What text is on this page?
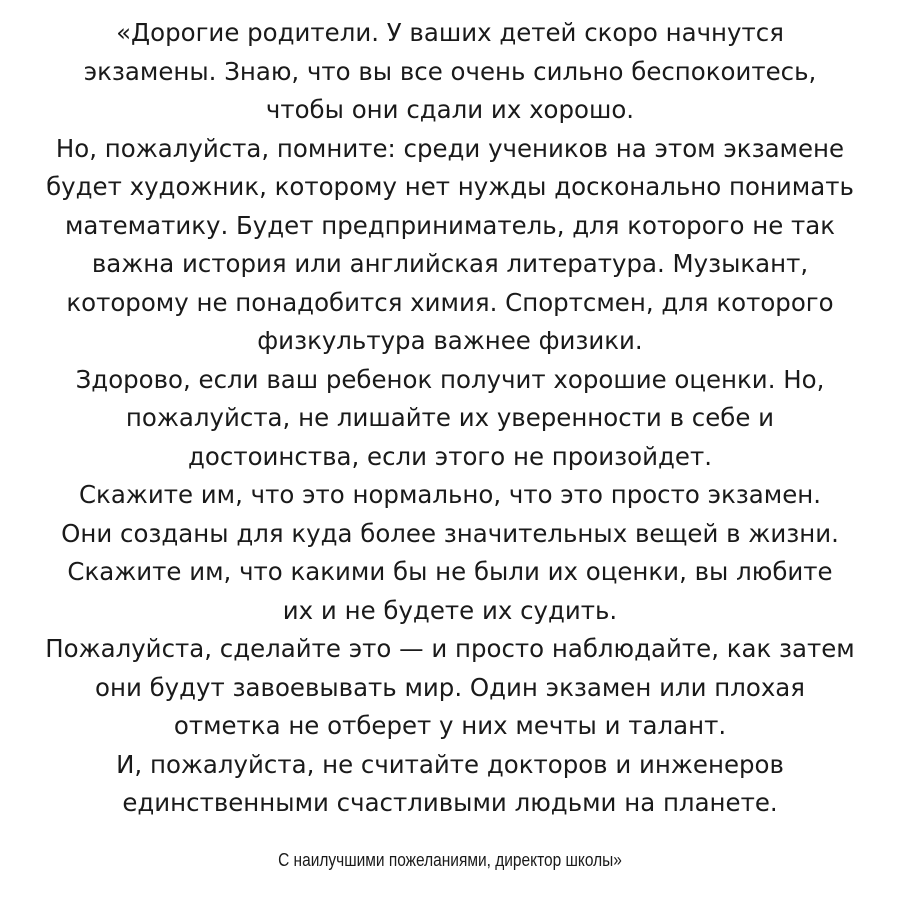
«Дорогие родители. У ваших детей скоро начнутся
экзамены. Знаю, что вы все очень сильно беспокоитесь,
чтобы они сдали их хорошо.
Но, пожалуйста, помните: среди учеников на этом экзамене
будет художник, которому нет нужды досконально понимать
математику. Будет предприниматель, для которого не так
важна история или английская литература. Музыкант,
которому не понадобится химия. Спортсмен, для которого
физкультура важнее физики.
Здорово, если ваш ребенок получит хорошие оценки. Но,
пожалуйста, не лишайте их уверенности в себе и
достоинства, если этого не произойдет.
Скажите им, что это нормально, что это просто экзамен.
Они созданы для куда более значительных вещей в жизни.
Скажите им, что какими бы не были их оценки, вы любите
их и не будете их судить.
Пожалуйста, сделайте это — и просто наблюдайте, как затем
они будут завоевывать мир. Один экзамен или плохая
отметка не отберет у них мечты и талант.
И, пожалуйста, не считайте докторов и инженеров
единственными счастливыми людьми на планете.
С наилучшими пожеланиями, директор школы»
